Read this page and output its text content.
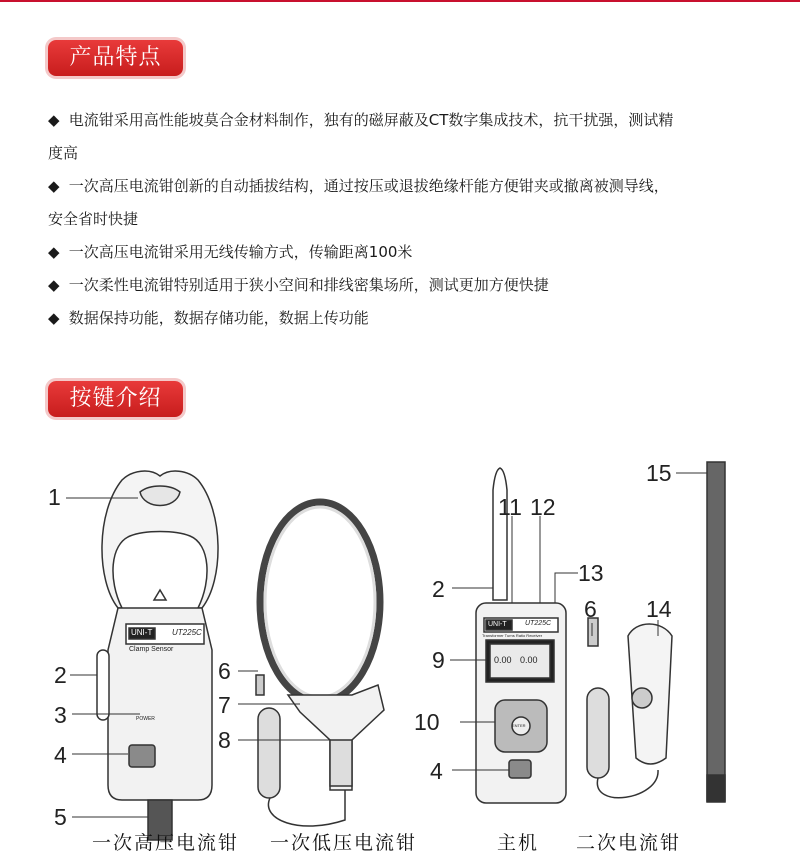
产品特点

◆ 电流钳采用高性能坡莫合金材料制作，独有的磁屏蔽及CT数字集成技术，抗干扰强，测试精

度高

◆ 一次高压电流钳创新的自动插拔结构，通过按压或退拔绝缘杆能方便钳夹或撤离被测导线，

安全省时快捷

◆ 一次高压电流钳采用无线传输方式，传输距离100米

◆ 一次柔性电流钳特别适用于狭小空间和排线密集场所，测试更加方便快捷

◆ 数据保持功能，数据存储功能，数据上传功能

按键介绍
1
2
3
4
5
6
7
8
2
11 12
13
9
10
4
6 14
15
UNI-T UT225C
Clamp Sensor
POWER
UNI-T	UT225C
Transformer Turns Ratio Receiver
0.00 0.00
ENTER
一次高压电流钳 一次低压电流钳	主机 二次电流钳
